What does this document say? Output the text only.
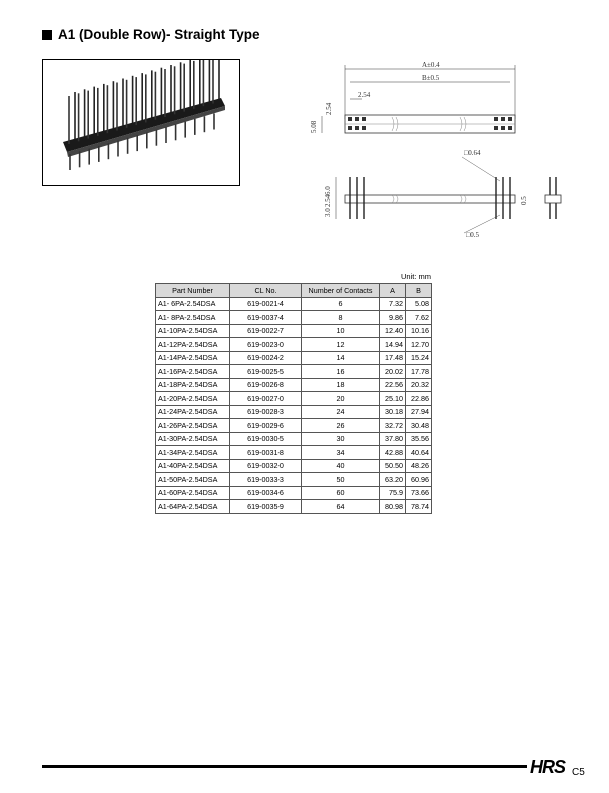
A1 (Double Row)- Straight Type
A±0.4
B±0.5
2.54
2.54
5.08
□0.64
6.0
2.54
3.0
0.5
□0.5
Unit: mm
Part Number	CL No.	Number of Contacts	A	B
A1- 6PA-2.54DSA	619-0021-4	6	7.32	5.08
A1- 8PA-2.54DSA	619-0037-4	8	9.86	7.62
A1-10PA-2.54DSA	619-0022-7	10	12.40	10.16
A1-12PA-2.54DSA	619-0023-0	12	14.94	12.70
A1-14PA-2.54DSA	619-0024-2	14	17.48	15.24
A1-16PA-2.54DSA	619-0025-5	16	20.02	17.78
A1-18PA-2.54DSA	619-0026-8	18	22.56	20.32
A1-20PA-2.54DSA	619-0027-0	20	25.10	22.86
A1-24PA-2.54DSA	619-0028-3	24	30.18	27.94
A1-26PA-2.54DSA	619-0029-6	26	32.72	30.48
A1-30PA-2.54DSA	619-0030-5	30	37.80	35.56
A1-34PA-2.54DSA	619-0031-8	34	42.88	40.64
A1-40PA-2.54DSA	619-0032-0	40	50.50	48.26
A1-50PA-2.54DSA	619-0033-3	50	63.20	60.96
A1-60PA-2.54DSA	619-0034-6	60	75.9	73.66
A1-64PA-2.54DSA	619-0035-9	64	80.98	78.74
HRS C5
